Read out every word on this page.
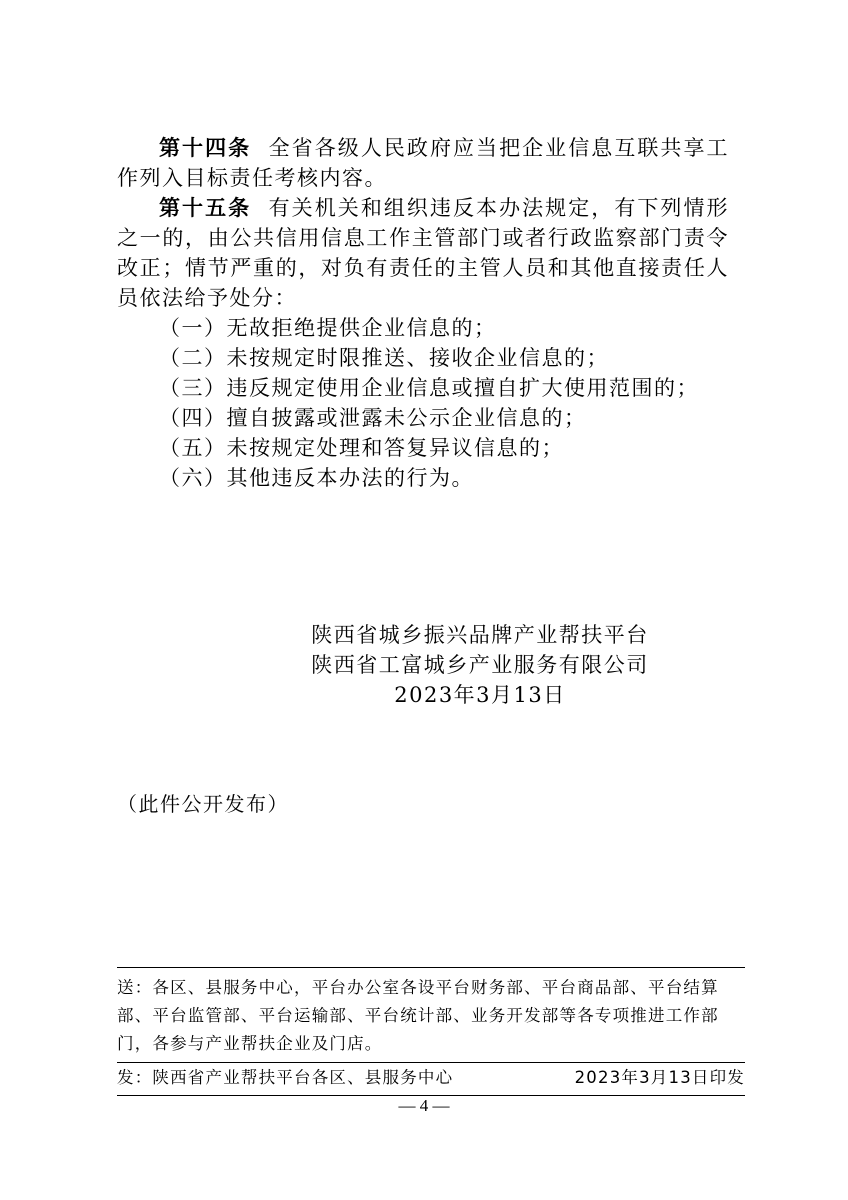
第十四条 全省各级人民政府应当把企业信息互联共享工作列入目标责任考核内容。

第十五条 有关机关和组织违反本办法规定，有下列情形之一的，由公共信用信息工作主管部门或者行政监察部门责令改正；情节严重的，对负有责任的主管人员和其他直接责任人员依法给予处分：

（一）无故拒绝提供企业信息的；

（二）未按规定时限推送、接收企业信息的；

（三）违反规定使用企业信息或擅自扩大使用范围的；

（四）擅自披露或泄露未公示企业信息的；

（五）未按规定处理和答复异议信息的；

（六）其他违反本办法的行为。

陕西省城乡振兴品牌产业帮扶平台
陕西省工富城乡产业服务有限公司
2023年3月13日
（此件公开发布）
送：各区、县服务中心，平台办公室各设平台财务部、平台商品部、平台结算部、平台监管部、平台运输部、平台统计部、业务开发部等各专项推进工作部门，各参与产业帮扶企业及门店。
发：陕西省产业帮扶平台各区、县服务中心	2023年3月13日印发
— 4 —
